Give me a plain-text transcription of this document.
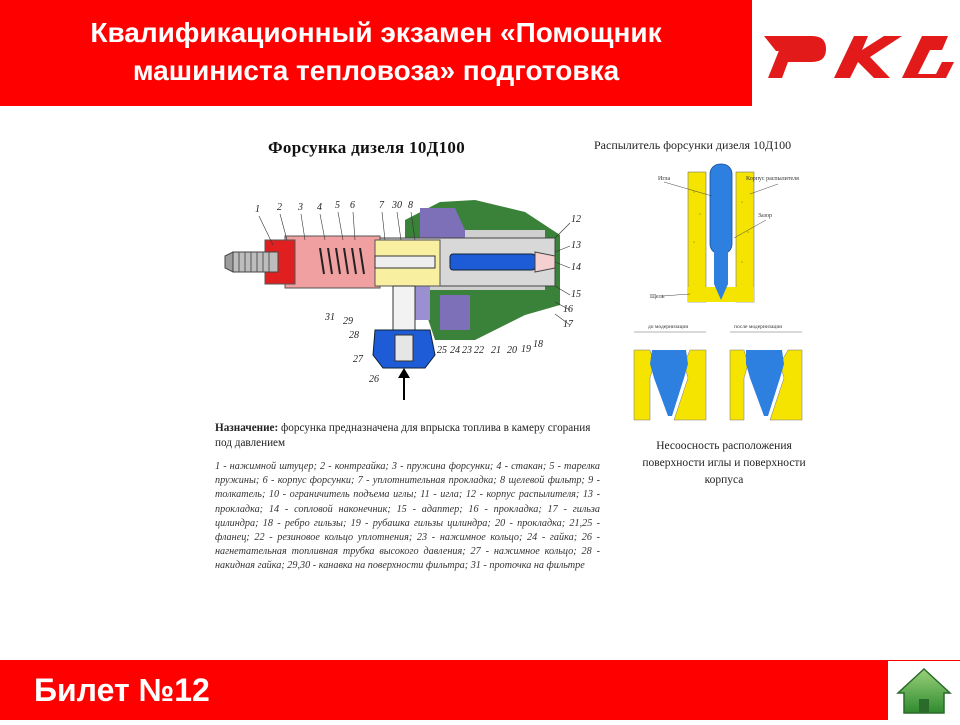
Квалификационный экзамен «Помощник
машиниста тепловоза» подготовка
Форсунка дизеля 10Д100
1 2 3 4 5 6 7 30 8
12
13
14
15
16
17
25 24 23 22 21 20 19 18
31 29
28
27
26
Назначение: форсунка предназначена для впрыска топлива в камеру сгорания под давлением
1 - нажимной штуцер; 2 - контргайка; 3 - пружина форсунки; 4 - стакан; 5 - тарелка пружины; 6 - корпус форсунки; 7 - уплотнительная прокладка; 8 щелевой фильтр; 9 - толкатель; 10 - ограничитель подъема иглы; 11 - игла; 12 - корпус распылителя; 13 - прокладка; 14 - сопловой наконечник; 15 - адаптер; 16 - прокладка; 17 - гильза цилиндра; 18 - ребро гильзы; 19 - рубашка гильзы цилиндра; 20 - прокладка; 21,25 - фланец; 22 - резиновое кольцо уплотнения; 23 - нажимное кольцо; 24 - гайка; 26 - нагнетательная топливная трубка высокого давления; 27 - нажимное кольцо; 28 - накидная гайка; 29,30 - канавка на поверхности фильтра; 31 - проточка на фильтре
Распылитель форсунки дизеля 10Д100
Игла	Корпус распылителя
Зазор
Щель
до модернизации	после модернизации
Несоосность расположения поверхности иглы и поверхности корпуса
Билет №12
